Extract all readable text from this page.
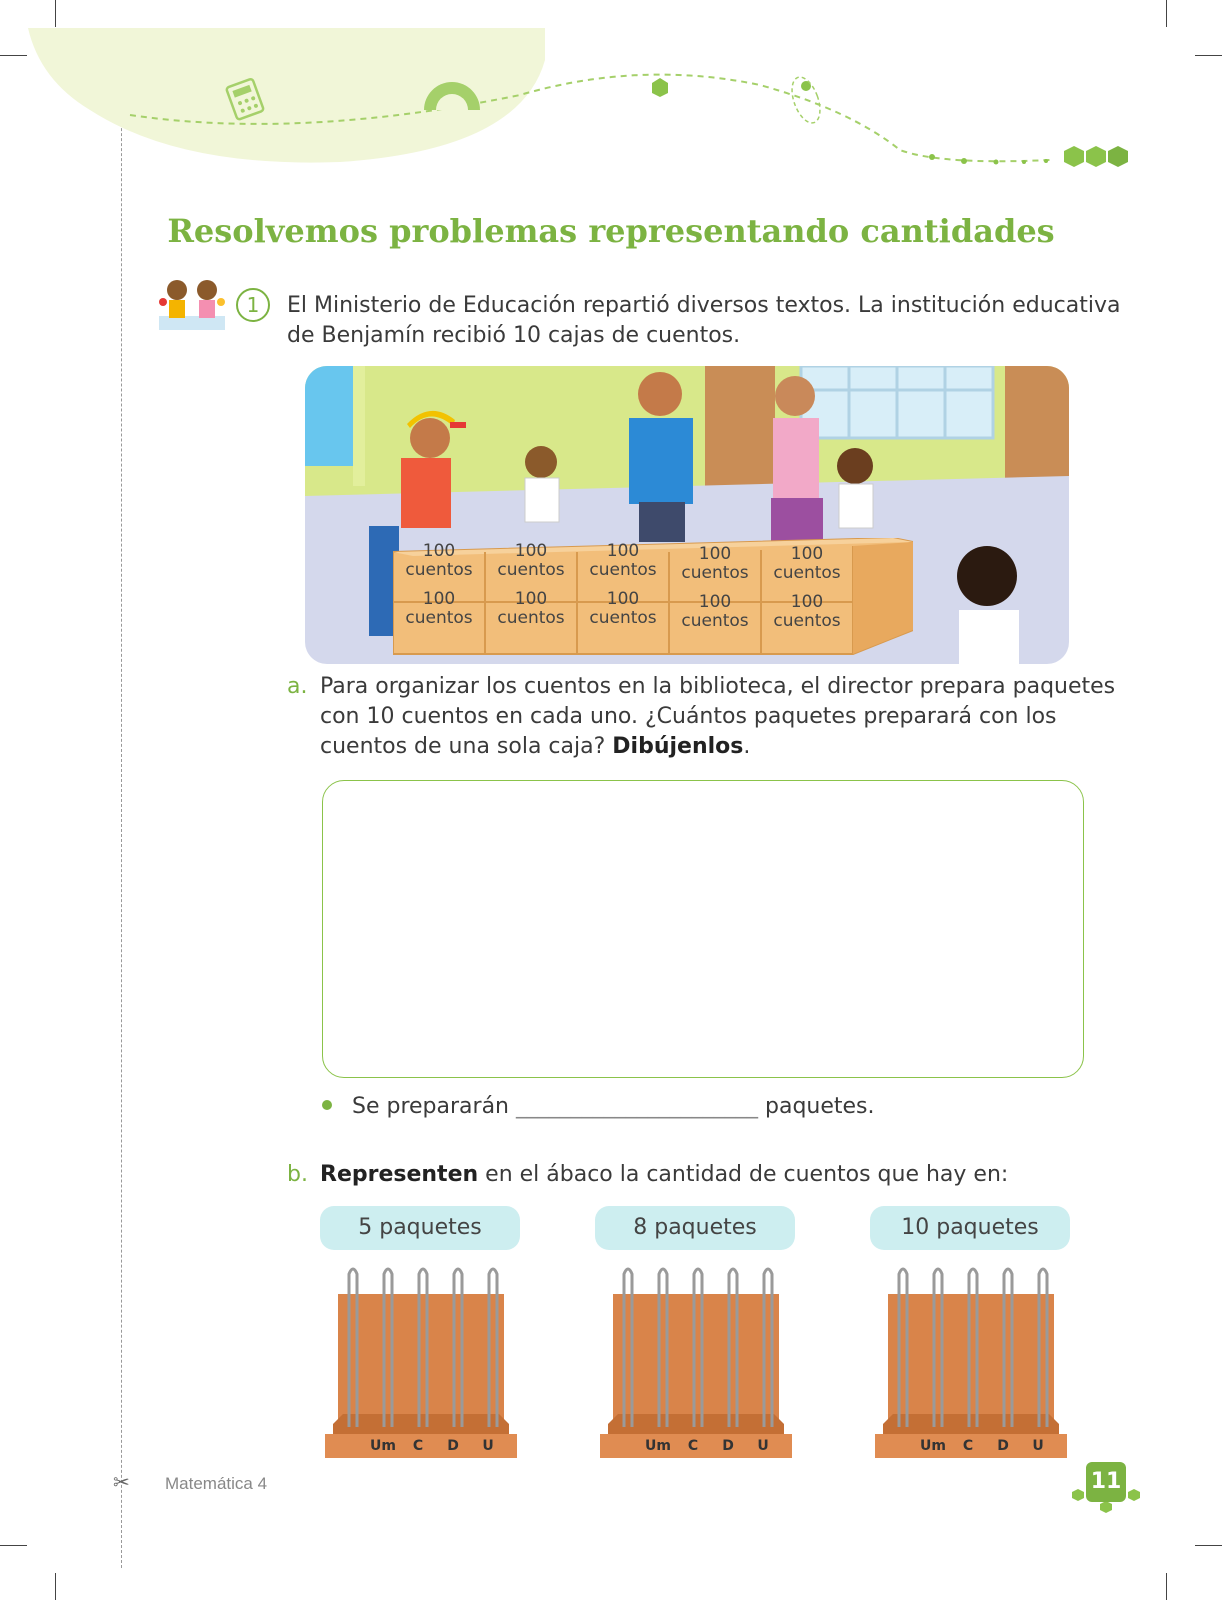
✂
Resolvemos problemas representando cantidades
1	El Ministerio de Educación repartió diversos textos. La institución educativa
de Benjamín recibió 10 cajas de cuentos.
100
cuentos
100
cuentos
100
cuentos
100
cuentos
100
cuentos
100
cuentos
100
cuentos
100
cuentos
100
cuentos
100
cuentos
a. Para organizar los cuentos en la biblioteca, el director prepara paquetes
con 10 cuentos en cada uno. ¿Cuántos paquetes preparará con los
cuentos de una sola caja? Dibújenlos.
Se prepararán ______________________ paquetes.
b. Representen en el ábaco la cantidad de cuentos que hay en:
5 paquetes	8 paquetes	10 paquetes
Um	C	D	U	Um	C	D	U	Um	C	D	U
Matemática 4	11
